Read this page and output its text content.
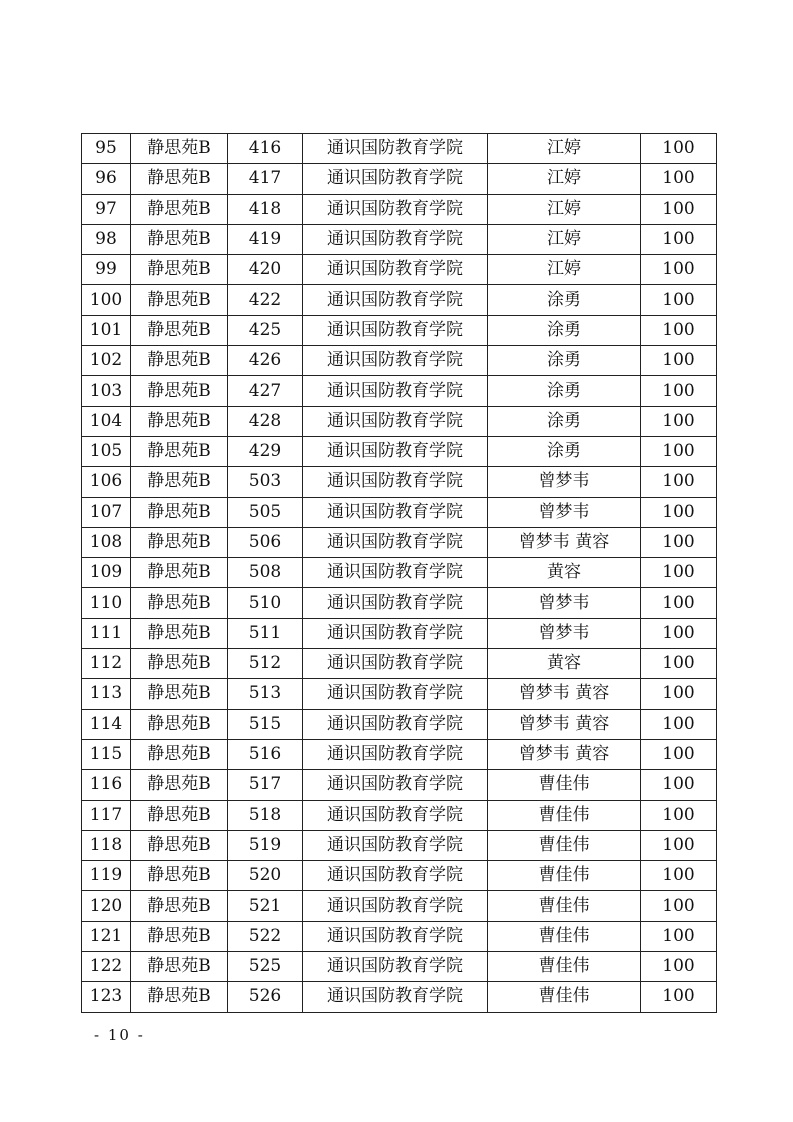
95	静思苑B	416	通识国防教育学院	江婷	100
96	静思苑B	417	通识国防教育学院	江婷	100
97	静思苑B	418	通识国防教育学院	江婷	100
98	静思苑B	419	通识国防教育学院	江婷	100
99	静思苑B	420	通识国防教育学院	江婷	100
100	静思苑B	422	通识国防教育学院	涂勇	100
101	静思苑B	425	通识国防教育学院	涂勇	100
102	静思苑B	426	通识国防教育学院	涂勇	100
103	静思苑B	427	通识国防教育学院	涂勇	100
104	静思苑B	428	通识国防教育学院	涂勇	100
105	静思苑B	429	通识国防教育学院	涂勇	100
106	静思苑B	503	通识国防教育学院	曾梦韦	100
107	静思苑B	505	通识国防教育学院	曾梦韦	100
108	静思苑B	506	通识国防教育学院	曾梦韦 黄容	100
109	静思苑B	508	通识国防教育学院	黄容	100
110	静思苑B	510	通识国防教育学院	曾梦韦	100
111	静思苑B	511	通识国防教育学院	曾梦韦	100
112	静思苑B	512	通识国防教育学院	黄容	100
113	静思苑B	513	通识国防教育学院	曾梦韦 黄容	100
114	静思苑B	515	通识国防教育学院	曾梦韦 黄容	100
115	静思苑B	516	通识国防教育学院	曾梦韦 黄容	100
116	静思苑B	517	通识国防教育学院	曹佳伟	100
117	静思苑B	518	通识国防教育学院	曹佳伟	100
118	静思苑B	519	通识国防教育学院	曹佳伟	100
119	静思苑B	520	通识国防教育学院	曹佳伟	100
120	静思苑B	521	通识国防教育学院	曹佳伟	100
121	静思苑B	522	通识国防教育学院	曹佳伟	100
122	静思苑B	525	通识国防教育学院	曹佳伟	100
123	静思苑B	526	通识国防教育学院	曹佳伟	100
- 10 -
